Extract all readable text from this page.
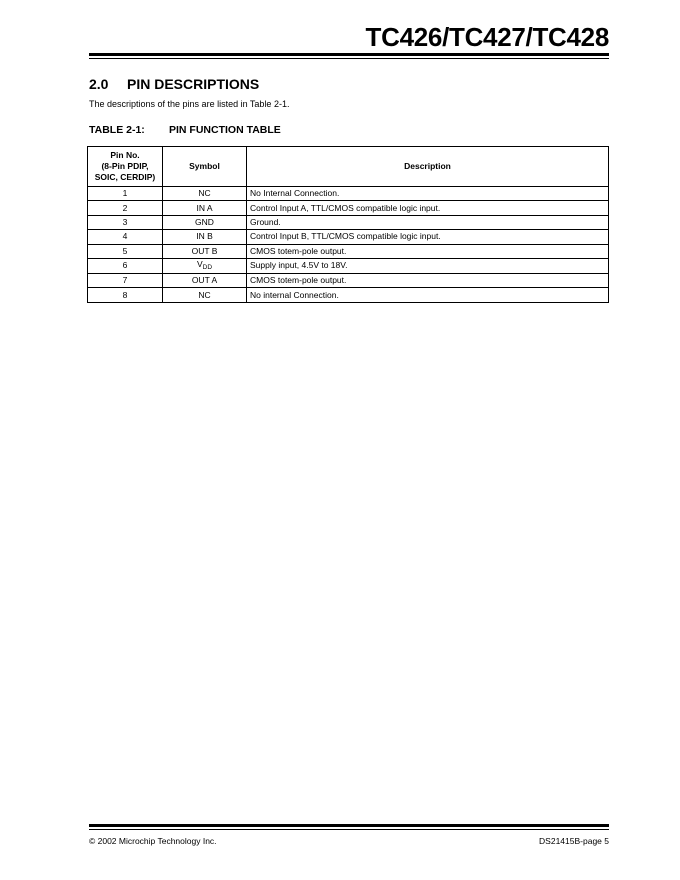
TC426/TC427/TC428
2.0 PIN DESCRIPTIONS
The descriptions of the pins are listed in Table 2-1.
TABLE 2-1: PIN FUNCTION TABLE
Pin No.
(8-Pin PDIP,
SOIC, CERDIP)	Symbol	Description
1	NC	No Internal Connection.
2	IN A	Control Input A, TTL/CMOS compatible logic input.
3	GND	Ground.
4	IN B	Control Input B, TTL/CMOS compatible logic input.
5	OUT B	CMOS totem-pole output.
6	$V_{DD}$	Supply input, 4.5V to 18V.
7	OUT A	CMOS totem-pole output.
8	NC	No internal Connection.
© 2002 Microchip Technology Inc.	DS21415B-page 5
